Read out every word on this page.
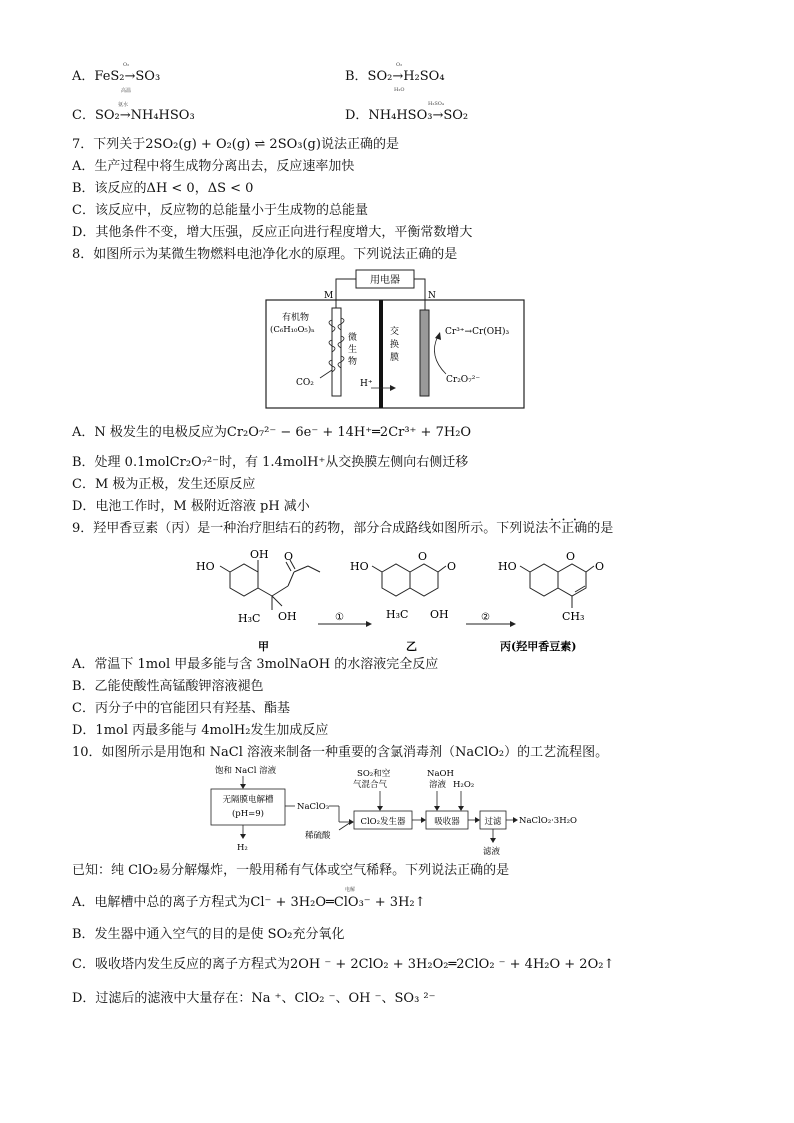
A．FeS₂→SO₃
O₂
高温
B．SO₂→H₂SO₄
O₂
H₂O
C．SO₂→NH₄HSO₃
氨水
D．NH₄HSO₃→SO₂
H₂SO₄
7．下列关于2SO₂(g) + O₂(g) ⇌ 2SO₃(g)说法正确的是
A．生产过程中将生成物分离出去，反应速率加快
B．该反应的ΔH < 0，ΔS < 0
C．该反应中，反应物的总能量小于生成物的总能量
D．其他条件不变，增大压强，反应正向进行程度增大，平衡常数增大
8．如图所示为某微生物燃料电池净化水的原理。下列说法正确的是
用电器
M	N
微
生
物
有机物
(C₆H₁₀O₅)ₙ
CO₂
交
换
膜
H⁺
Cr³⁺→Cr(OH)₃
Cr₂O₇²⁻
A．N 极发生的电极反应为Cr₂O₇²⁻ − 6e⁻ + 14H⁺═2Cr³⁺ + 7H₂O
B．处理 0.1molCr₂O₇²⁻时，有 1.4molH⁺从交换膜左侧向右侧迁移
C．M 极为正极，发生还原反应
D．电池工作时，M 极附近溶液 pH 减小
9．羟甲香豆素（丙）是一种治疗胆结石的药物，部分合成路线如图所示。下列说法不正确 • • •的是
HO
OH O
H₃C OH
HO
O
O
H₃C OH
HO
O
O
CH₃
①	②
甲	乙	丙(羟甲香豆素)
A．常温下 1mol 甲最多能与含 3molNaOH 的水溶液完全反应
B．乙能使酸性高锰酸钾溶液褪色
C．丙分子中的官能团只有羟基、酯基
D．1mol 丙最多能与 4molH₂发生加成反应
10．如图所示是用饱和 NaCl 溶液来制备一种重要的含氯消毒剂（NaClO₂）的工艺流程图。
饱和 NaCl 溶液
无隔膜电解槽
(pH=9)
NaClO₃
H₂
稀硫酸
SO₂和空
气混合气
ClO₂发生器
NaOH
溶液 H₂O₂
吸收器	过滤 NaClO₂·3H₂O
滤液
已知：纯 ClO₂易分解爆炸，一般用稀有气体或空气稀释。下列说法正确的是
电解
A．电解槽中总的离子方程式为Cl⁻ + 3H₂O═ClO₃⁻ + 3H₂↑
B．发生器中通入空气的目的是使 SO₂充分氧化
C．吸收塔内发生反应的离子方程式为2OH ⁻ + 2ClO₂ + 3H₂O₂═2ClO₂ ⁻ + 4H₂O + 2O₂↑
D．过滤后的滤液中大量存在：Na ⁺、ClO₂ ⁻、OH ⁻、SO₃ ²⁻
